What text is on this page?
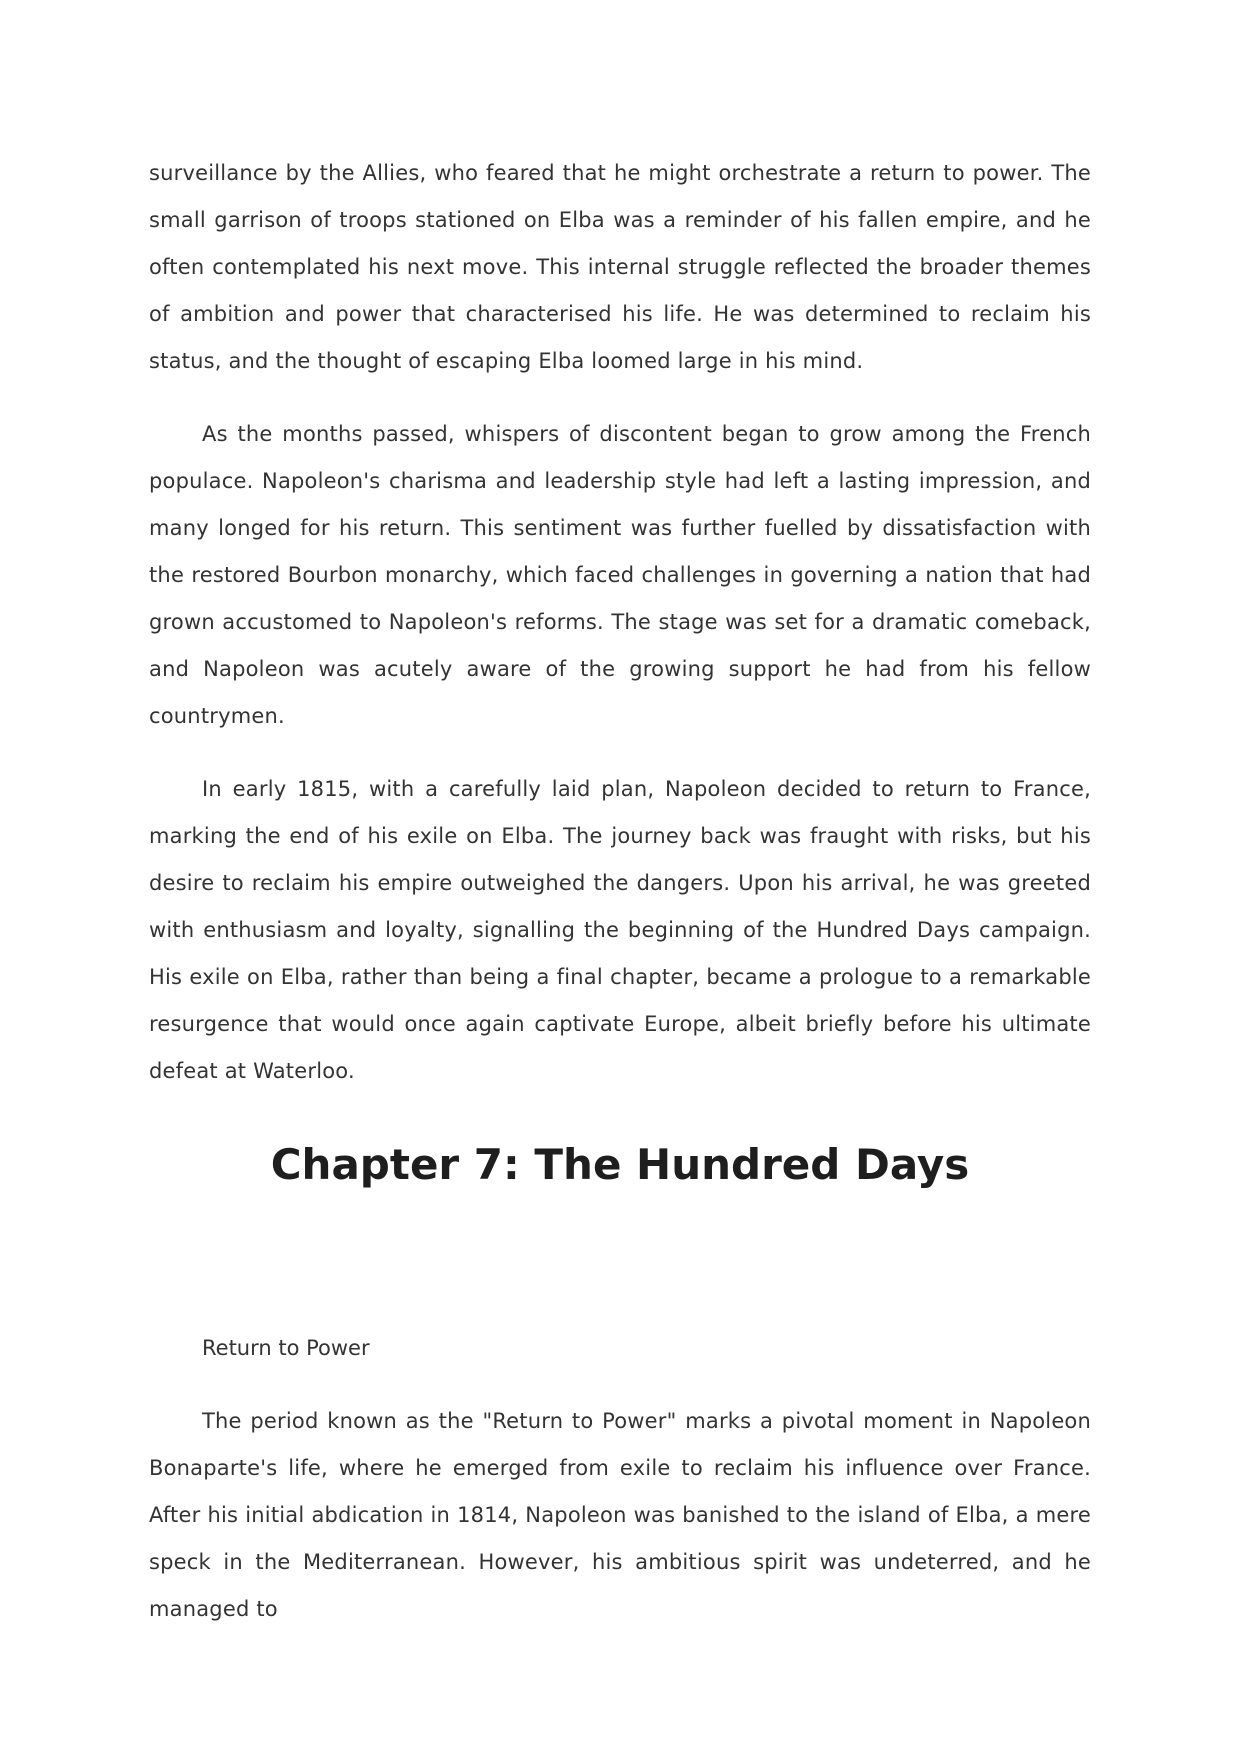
surveillance by the Allies, who feared that he might orchestrate a return to power. The small garrison of troops stationed on Elba was a reminder of his fallen empire, and he often contemplated his next move. This internal struggle reflected the broader themes of ambition and power that characterised his life. He was determined to reclaim his status, and the thought of escaping Elba loomed large in his mind.

As the months passed, whispers of discontent began to grow among the French populace. Napoleon's charisma and leadership style had left a lasting impression, and many longed for his return. This sentiment was further fuelled by dissatisfaction with the restored Bourbon monarchy, which faced challenges in governing a nation that had grown accustomed to Napoleon's reforms. The stage was set for a dramatic comeback, and Napoleon was acutely aware of the growing support he had from his fellow countrymen.

In early 1815, with a carefully laid plan, Napoleon decided to return to France, marking the end of his exile on Elba. The journey back was fraught with risks, but his desire to reclaim his empire outweighed the dangers. Upon his arrival, he was greeted with enthusiasm and loyalty, signalling the beginning of the Hundred Days campaign. His exile on Elba, rather than being a final chapter, became a prologue to a remarkable resurgence that would once again captivate Europe, albeit briefly before his ultimate defeat at Waterloo.

Chapter 7: The Hundred Days

Return to Power

The period known as the "Return to Power" marks a pivotal moment in Napoleon Bonaparte's life, where he emerged from exile to reclaim his influence over France. After his initial abdication in 1814, Napoleon was banished to the island of Elba, a mere speck in the Mediterranean. However, his ambitious spirit was undeterred, and he managed to
